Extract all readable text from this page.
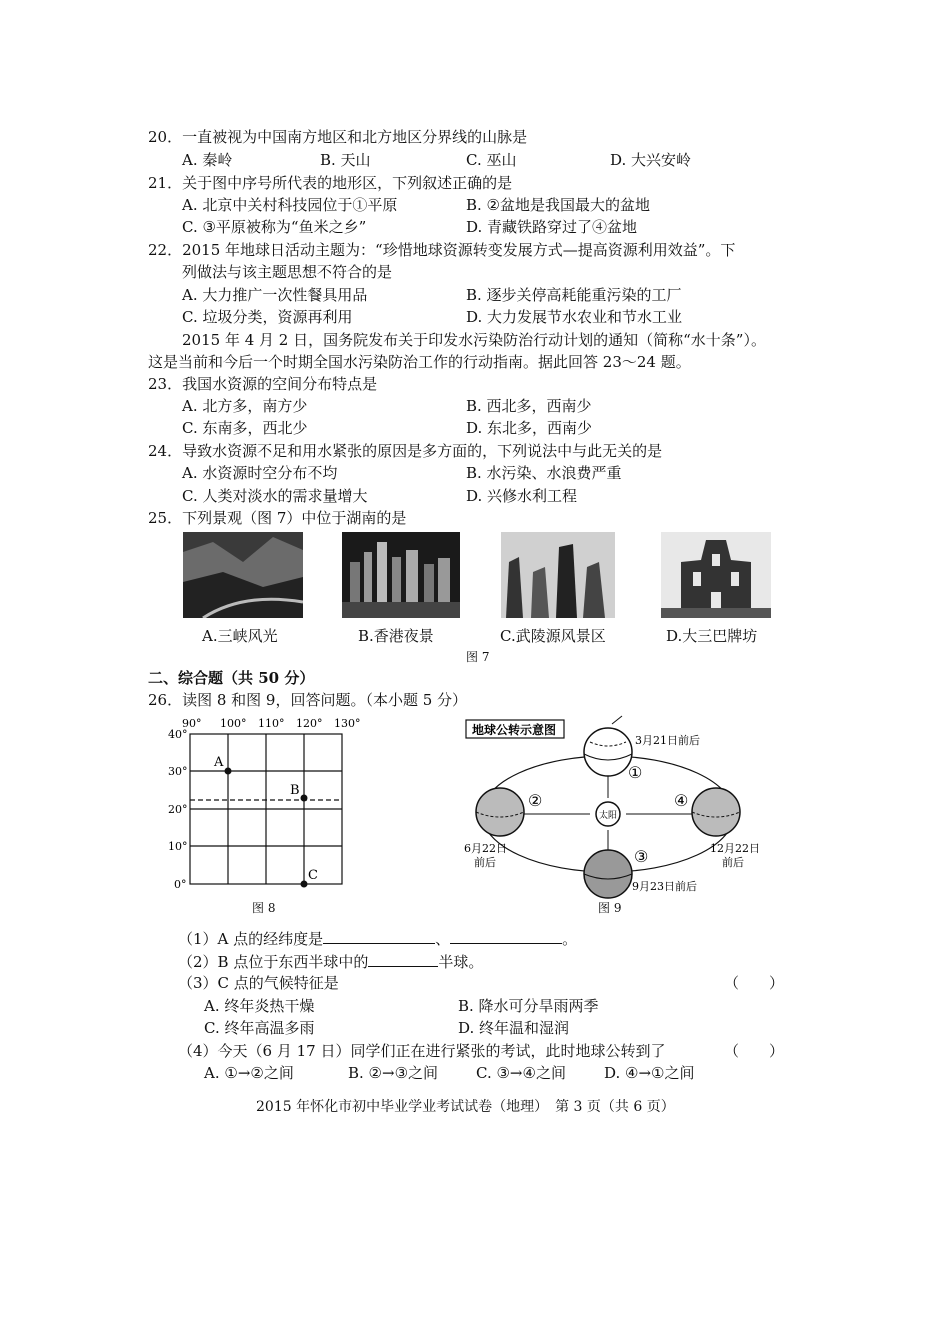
20．一直被视为中国南方地区和北方地区分界线的山脉是
A. 秦岭	B. 天山	C. 巫山	D. 大兴安岭
21．关于图中序号所代表的地形区，下列叙述正确的是
A. 北京中关村科技园位于①平原	B. ②盆地是我国最大的盆地
C. ③平原被称为“鱼米之乡”	D. 青藏铁路穿过了④盆地
22．2015 年地球日活动主题为：“珍惜地球资源转变发展方式—提高资源利用效益”。下
列做法与该主题思想不符合的是
A. 大力推广一次性餐具用品	B. 逐步关停高耗能重污染的工厂
C. 垃圾分类，资源再利用	D. 大力发展节水农业和节水工业
2015 年 4 月 2 日，国务院发布关于印发水污染防治行动计划的通知（简称“水十条”）。
这是当前和今后一个时期全国水污染防治工作的行动指南。据此回答 23～24 题。
23．我国水资源的空间分布特点是
A. 北方多，南方少	B. 西北多，西南少
C. 东南多，西北少	D. 东北多，西南少
24．导致水资源不足和用水紧张的原因是多方面的，下列说法中与此无关的是
A. 水资源时空分布不均	B. 水污染、水浪费严重
C. 人类对淡水的需求量增大	D. 兴修水利工程
25．下列景观（图 7）中位于湖南的是
A.三峡风光	B.香港夜景	C.武陵源风景区	D.大三巴牌坊
图 7
二、综合题（共 50 分）
26．读图 8 和图 9，回答问题。（本小题 5 分）
90° 100° 110° 120° 130°
40°
30°
20°
10°
0°
A
B
C
图 8
地球公转示意图
太阳
3月21日前后
①
②
6月22日
前后	③
9月23日前后
④
12月22日
前后
图 9
（1）A 点的经纬度是	、	。
（2）B 点位于东西半球中的	半球。
（3）C 点的气候特征是	（　　）
A. 终年炎热干燥	B. 降水可分旱雨两季
C. 终年高温多雨	D. 终年温和湿润
（4）今天（6 月 17 日）同学们正在进行紧张的考试，此时地球公转到了	（　　）
A. ①→②之间	B. ②→③之间	C. ③→④之间	D. ④→①之间
2015 年怀化市初中毕业学业考试试卷（地理）　第 3 页（共 6 页）
